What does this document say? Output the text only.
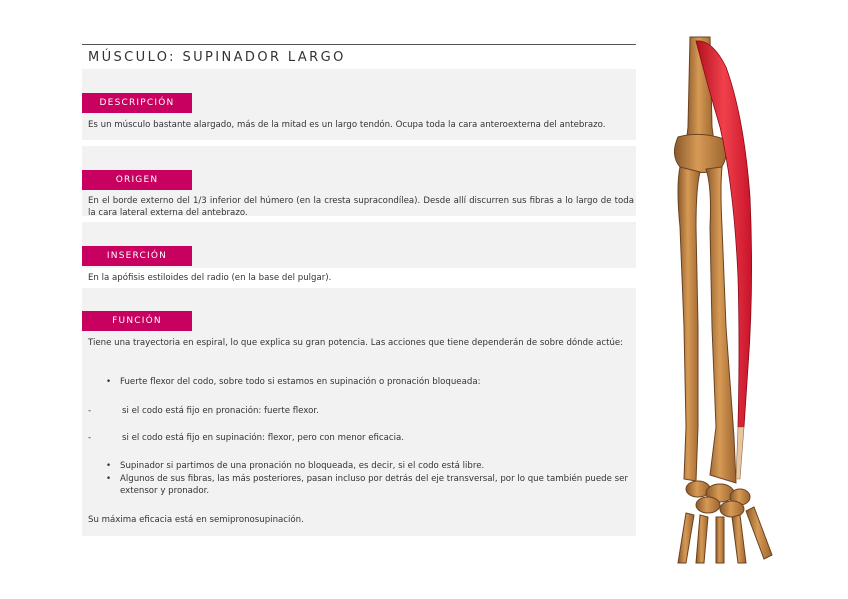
MÚSCULO: SUPINADOR LARGO
DESCRIPCIÓN
Es un músculo bastante alargado, más de la mitad es un largo tendón. Ocupa toda la cara anteroexterna del antebrazo.
ORIGEN
En el borde externo del 1/3 inferior del húmero (en la cresta supracondílea). Desde allí discurren sus fibras a lo largo de toda la cara lateral externa del antebrazo.
INSERCIÓN
En la apófisis estiloides del radio (en la base del pulgar).
FUNCIÓN
Tiene una trayectoria en espiral, lo que explica su gran potencia. Las acciones que tiene dependerán de sobre dónde actúe:
• Fuerte flexor del codo, sobre todo si estamos en supinación o pronación bloqueada:
-	si el codo está fijo en pronación: fuerte flexor.
-	si el codo está fijo en supinación: flexor, pero con menor eficacia.
• Supinador si partimos de una pronación no bloqueada, es decir, si el codo está libre.
• Algunos de sus fibras, las más posteriores, pasan incluso por detrás del eje transversal, por lo que también puede ser extensor y pronador.
Su máxima eficacia está en semipronosupinación.
